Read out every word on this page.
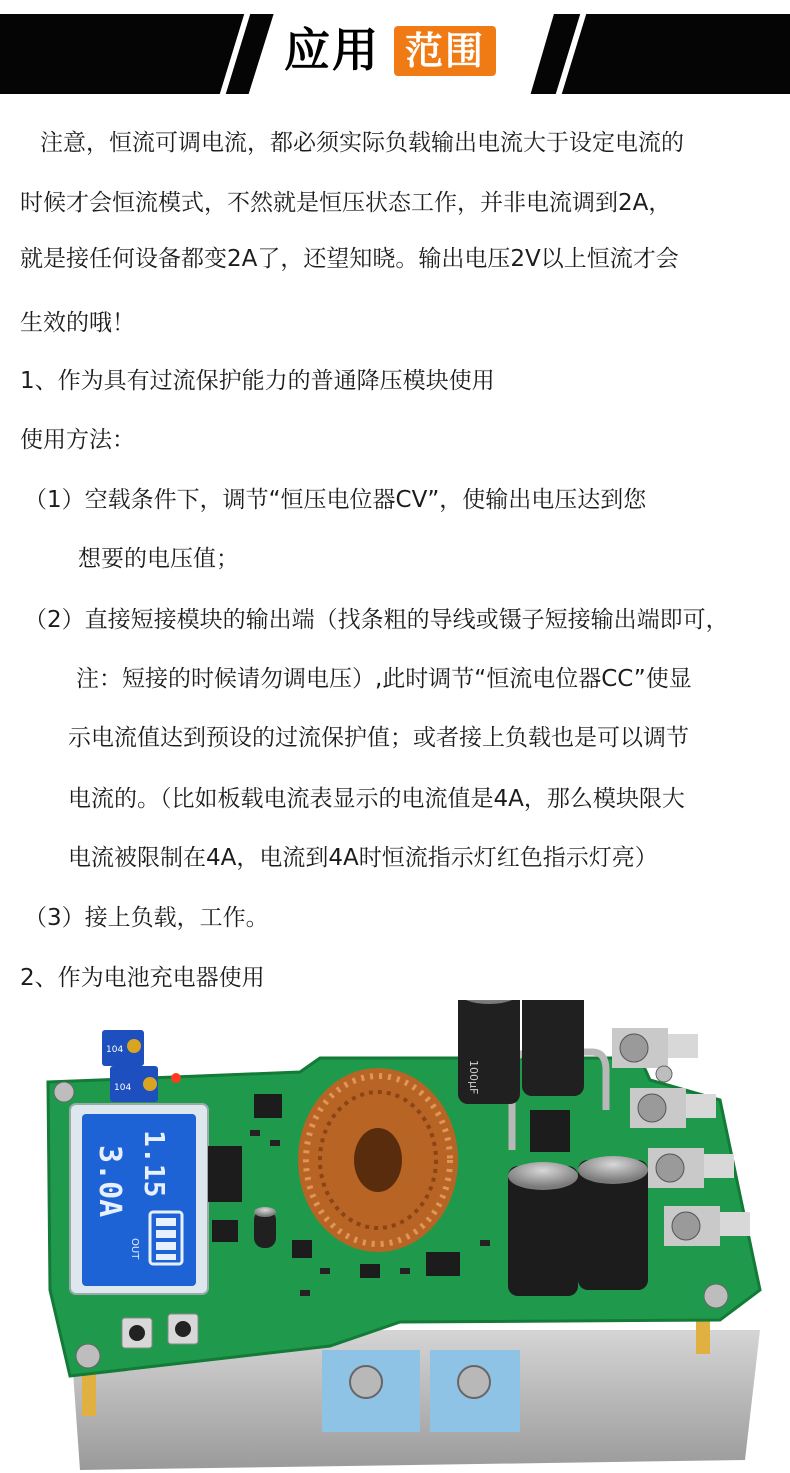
应用 范围
注意，恒流可调电流，都必须实际负载输出电流大于设定电流的
时候才会恒流模式，不然就是恒压状态工作，并非电流调到2A，
就是接任何设备都变2A了，还望知晓。输出电压2V以上恒流才会
生效的哦！
1、作为具有过流保护能力的普通降压模块使用
使用方法：
（1）空载条件下，调节“恒压电位器CV”，使输出电压达到您
想要的电压值；
（2）直接短接模块的输出端（找条粗的导线或镊子短接输出端即可，
注：短接的时候请勿调电压）,此时调节“恒流电位器CC”使显
示电流值达到预设的过流保护值；或者接上负载也是可以调节
电流的。（比如板载电流表显示的电流值是4A，那么模块限大
电流被限制在4A，电流到4A时恒流指示灯红色指示灯亮）
（3）接上负载，工作。
2、作为电池充电器使用
3.0A 1.15
OUT
104
104	100μF
